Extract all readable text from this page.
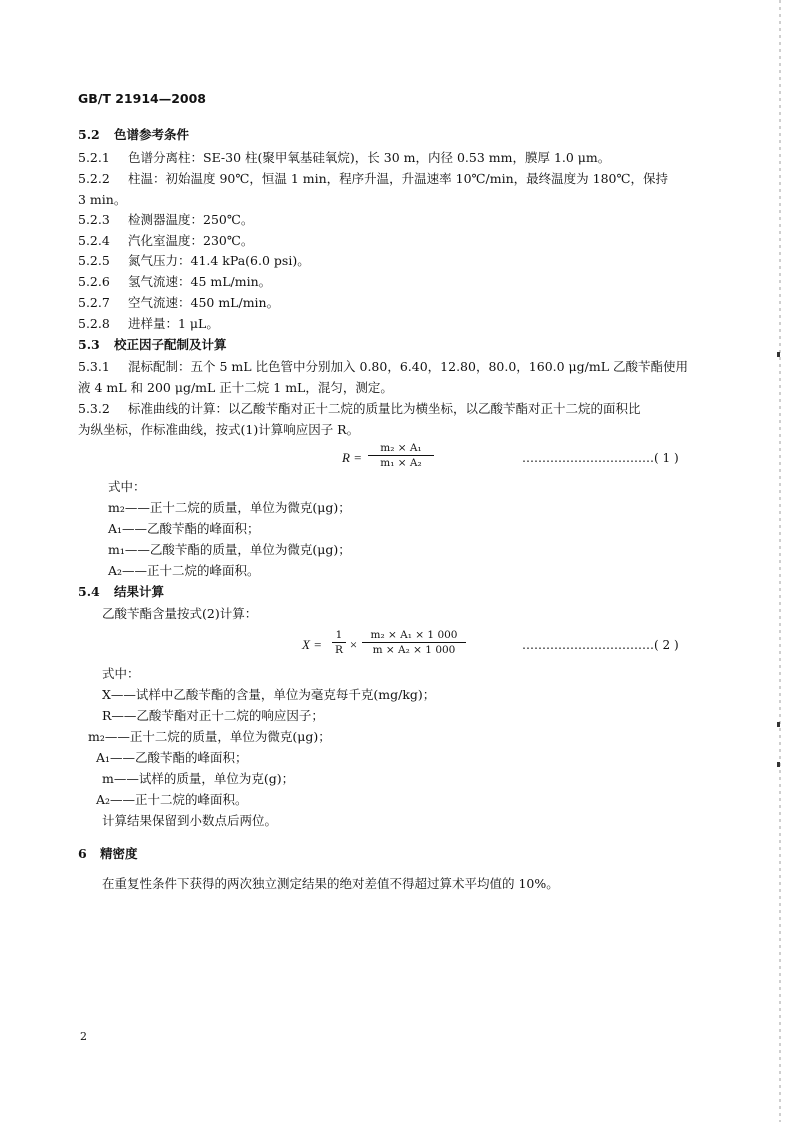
GB/T 21914—2008
5.2 色谱参考条件
5.2.1 色谱分离柱：SE-30 柱(聚甲氧基硅氧烷)，长 30 m，内径 0.53 mm，膜厚 1.0 μm。
5.2.2 柱温：初始温度 90℃，恒温 1 min，程序升温，升温速率 10℃/min，最终温度为 180℃，保持
3 min。
5.2.3 检测器温度：250℃。
5.2.4 汽化室温度：230℃。
5.2.5 氮气压力：41.4 kPa(6.0 psi)。
5.2.6 氢气流速：45 mL/min。
5.2.7 空气流速：450 mL/min。
5.2.8 进样量：1 μL。
5.3 校正因子配制及计算
5.3.1 混标配制：五个 5 mL 比色管中分别加入 0.80，6.40，12.80，80.0，160.0 μg/mL 乙酸苄酯使用
液 4 mL 和 200 μg/mL 正十二烷 1 mL，混匀，测定。
5.3.2 标准曲线的计算：以乙酸苄酯对正十二烷的质量比为横坐标，以乙酸苄酯对正十二烷的面积比
为纵坐标，作标准曲线，按式(1)计算响应因子 R。
R =
m₂ × A₁
m₁ × A₂	……………………………( 1 )
式中：
m₂——正十二烷的质量，单位为微克(μg)；
A₁——乙酸苄酯的峰面积；
m₁——乙酸苄酯的质量，单位为微克(μg)；
A₂——正十二烷的峰面积。
5.4 结果计算
乙酸苄酯含量按式(2)计算：
X =
1
R ×
m₂ × A₁ × 1 000
m × A₂ × 1 000	……………………………( 2 )
式中：
X——试样中乙酸苄酯的含量，单位为毫克每千克(mg/kg)；
R——乙酸苄酯对正十二烷的响应因子；
m₂——正十二烷的质量，单位为微克(μg)；
A₁——乙酸苄酯的峰面积；
m——试样的质量，单位为克(g)；
A₂——正十二烷的峰面积。
计算结果保留到小数点后两位。
6 精密度
在重复性条件下获得的两次独立测定结果的绝对差值不得超过算术平均值的 10%。
2
